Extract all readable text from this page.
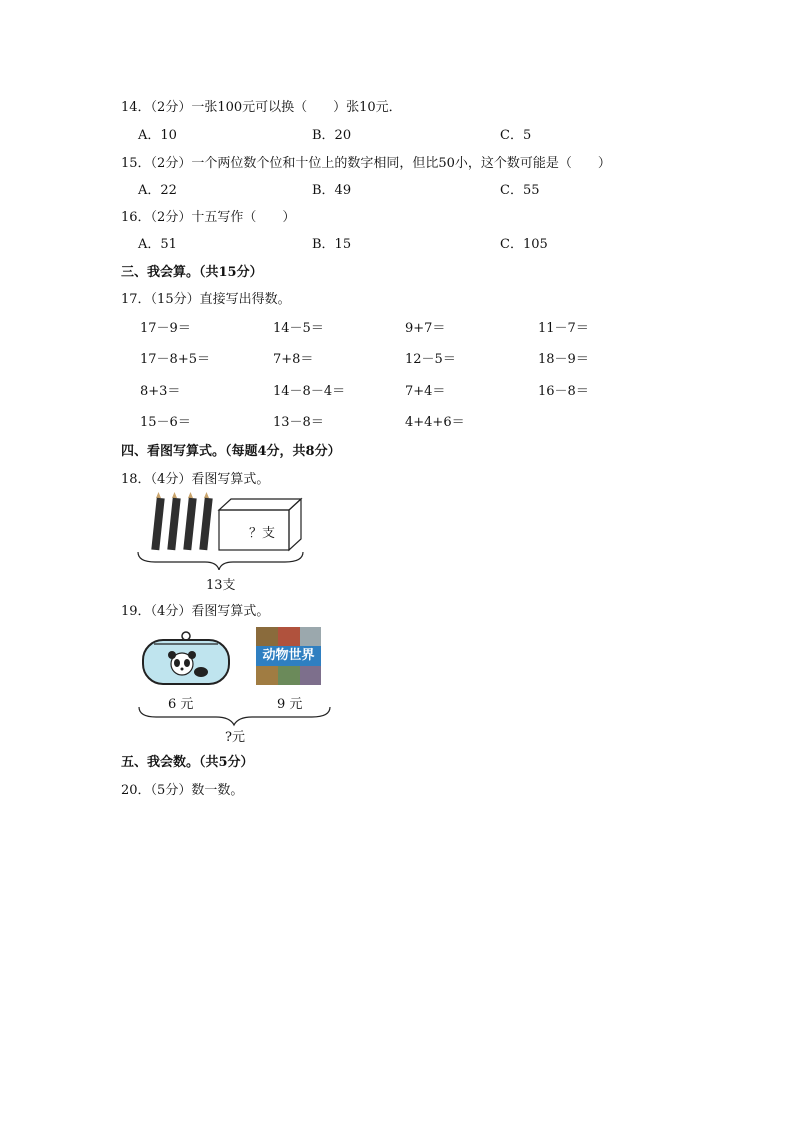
14．（2分）一张100元可以换（　　）张10元．
A．10	B．20	C．5
15．（2分）一个两位数个位和十位上的数字相同，但比50小，这个数可能是（　　）
A．22	B．49	C．55
16．（2分）十五写作（　　）
A．51	B．15	C．105
三、我会算。（共15分）
17．（15分）直接写出得数。
17－9＝	14－5＝	9+7＝	11－7＝
17－8+5＝	7+8＝	12－5＝	18－9＝
8+3＝	14－8－4＝	7+4＝	16－8＝
15－6＝	13－8＝	4+4+6＝
四、看图写算式。（每题4分，共8分）
18．（4分）看图写算式。
？支
13支
19．（4分）看图写算式。
动物世界
6 元	9 元
?元
五、我会数。（共5分）
20．（5分）数一数。
